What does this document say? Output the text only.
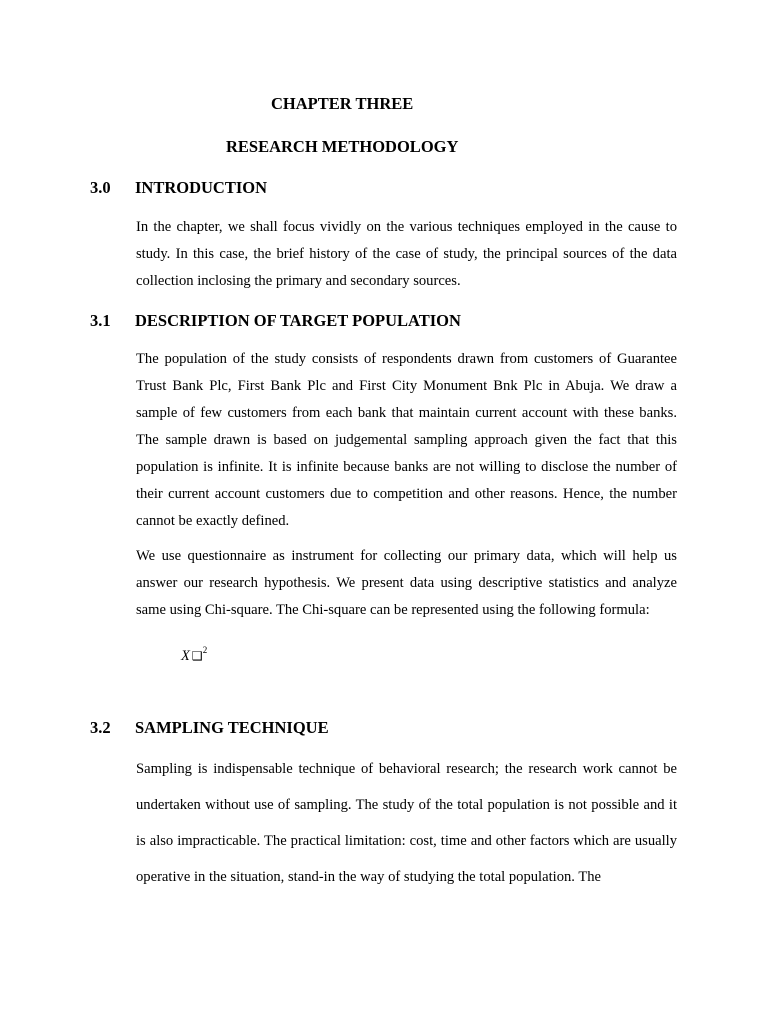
CHAPTER THREE
RESEARCH METHODOLOGY
3.0 INTRODUCTION

In the chapter, we shall focus vividly on the various techniques employed in the cause to study. In this case, the brief history of the case of study, the principal sources of the data collection inclosing the primary and secondary sources.

3.1 DESCRIPTION OF TARGET POPULATION

The population of the study consists of respondents drawn from customers of Guarantee Trust Bank Plc, First Bank Plc and First City Monument Bnk Plc in Abuja. We draw a sample of few customers from each bank that maintain current account with these banks. The sample drawn is based on judgemental sampling approach given the fact that this population is infinite. It is infinite because banks are not willing to disclose the number of their current account customers due to competition and other reasons. Hence, the number cannot be exactly defined.

We use questionnaire as instrument for collecting our primary data, which will help us answer our research hypothesis. We present data using descriptive statistics and analyze same using Chi-square. The Chi-square can be represented using the following formula:

X ❑$^2$
3.2 SAMPLING TECHNIQUE

Sampling is indispensable technique of behavioral research; the research work cannot be undertaken without use of sampling. The study of the total population is not possible and it is also impracticable. The practical limitation: cost, time and other factors which are usually operative in the situation, stand-in the way of studying the total population. The
